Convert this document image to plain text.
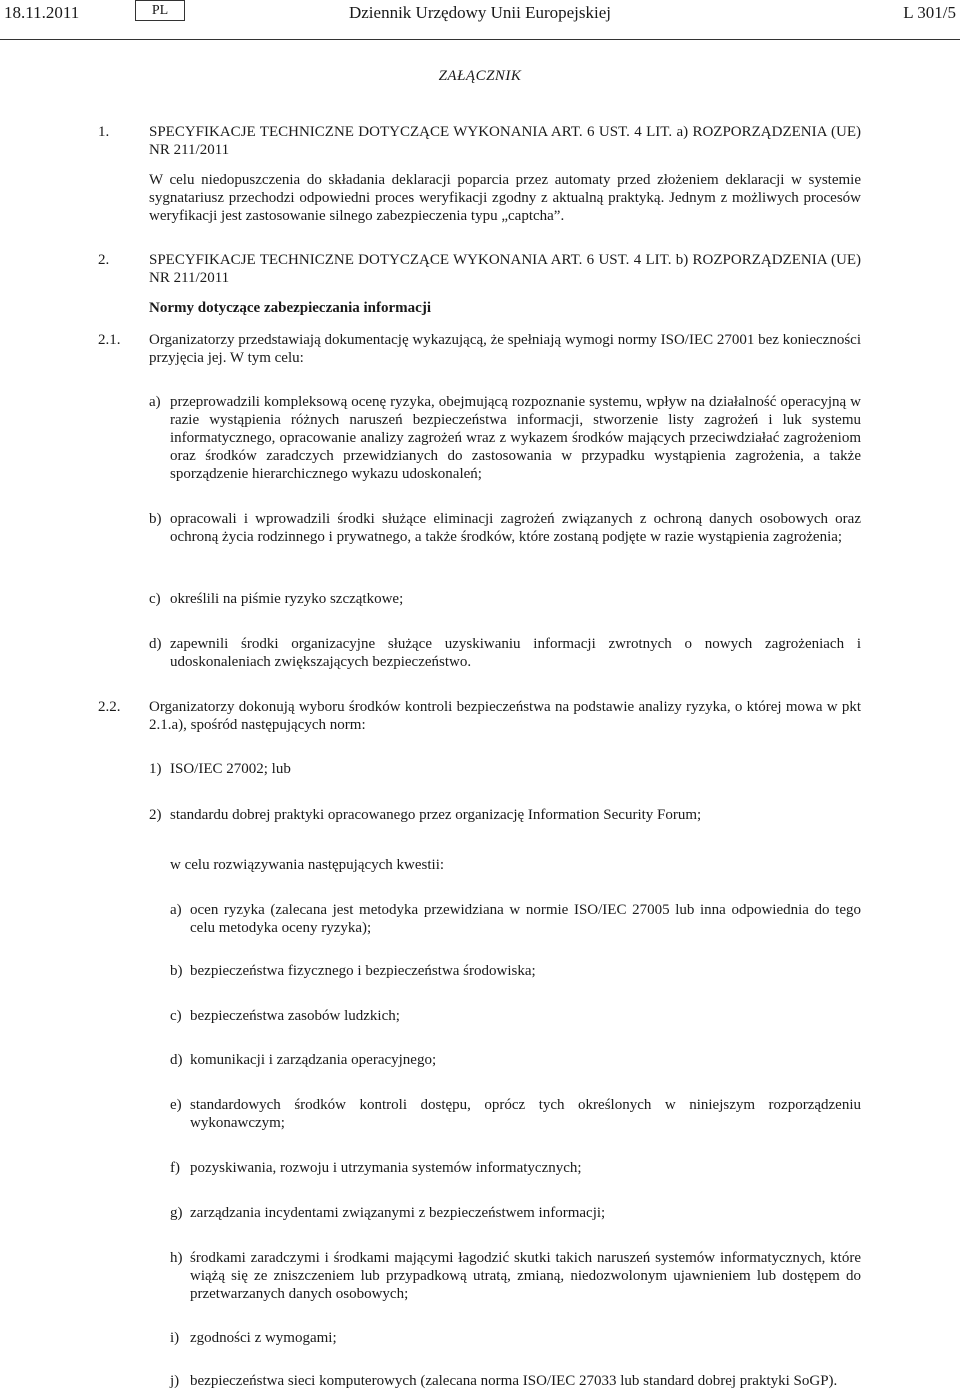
18.11.2011	PL	Dziennik Urzędowy Unii Europejskiej	L 301/5
ZAŁĄCZNIK
1.	SPECYFIKACJE TECHNICZNE DOTYCZĄCE WYKONANIA ART. 6 UST. 4 LIT. a) ROZPORZĄDZENIA (UE) NR 211/2011
W celu niedopuszczenia do składania deklaracji poparcia przez automaty przed złożeniem deklaracji w systemie sygnatariusz przechodzi odpowiedni proces weryfikacji zgodny z aktualną praktyką. Jednym z możliwych procesów weryfikacji jest zastosowanie silnego zabezpieczenia typu „captcha”.
2.	SPECYFIKACJE TECHNICZNE DOTYCZĄCE WYKONANIA ART. 6 UST. 4 LIT. b) ROZPORZĄDZENIA (UE) NR 211/2011
Normy dotyczące zabezpieczania informacji
2.1. Organizatorzy przedstawiają dokumentację wykazującą, że spełniają wymogi normy ISO/IEC 27001 bez konieczności przyjęcia jej. W tym celu:
a) przeprowadzili kompleksową ocenę ryzyka, obejmującą rozpoznanie systemu, wpływ na działalność operacyjną w razie wystąpienia różnych naruszeń bezpieczeństwa informacji, stworzenie listy zagrożeń i luk systemu informatycznego, opracowanie analizy zagrożeń wraz z wykazem środków mających przeciwdziałać zagrożeniom oraz środków zaradczych przewidzianych do zastosowania w przypadku wystąpienia zagrożenia, a także sporządzenie hierarchicznego wykazu udoskonaleń;
b) opracowali i wprowadzili środki służące eliminacji zagrożeń związanych z ochroną danych osobowych oraz ochroną życia rodzinnego i prywatnego, a także środków, które zostaną podjęte w razie wystąpienia zagrożenia;
c) określili na piśmie ryzyko szczątkowe;
d) zapewnili środki organizacyjne służące uzyskiwaniu informacji zwrotnych o nowych zagrożeniach i udoskonaleniach zwiększających bezpieczeństwo.
2.2. Organizatorzy dokonują wyboru środków kontroli bezpieczeństwa na podstawie analizy ryzyka, o której mowa w pkt 2.1.a), spośród następujących norm:
1) ISO/IEC 27002; lub
2) standardu dobrej praktyki opracowanego przez organizację Information Security Forum;
w celu rozwiązywania następujących kwestii:
a) ocen ryzyka (zalecana jest metodyka przewidziana w normie ISO/IEC 27005 lub inna odpowiednia do tego celu metodyka oceny ryzyka);
b) bezpieczeństwa fizycznego i bezpieczeństwa środowiska;
c) bezpieczeństwa zasobów ludzkich;
d) komunikacji i zarządzania operacyjnego;
e) standardowych środków kontroli dostępu, oprócz tych określonych w niniejszym rozporządzeniu wykonawczym;
f) pozyskiwania, rozwoju i utrzymania systemów informatycznych;
g) zarządzania incydentami związanymi z bezpieczeństwem informacji;
h) środkami zaradczymi i środkami mającymi łagodzić skutki takich naruszeń systemów informatycznych, które wiążą się ze zniszczeniem lub przypadkową utratą, zmianą, niedozwolonym ujawnieniem lub dostępem do przetwarzanych danych osobowych;
i) zgodności z wymogami;
j) bezpieczeństwa sieci komputerowych (zalecana norma ISO/IEC 27033 lub standard dobrej praktyki SoGP).
